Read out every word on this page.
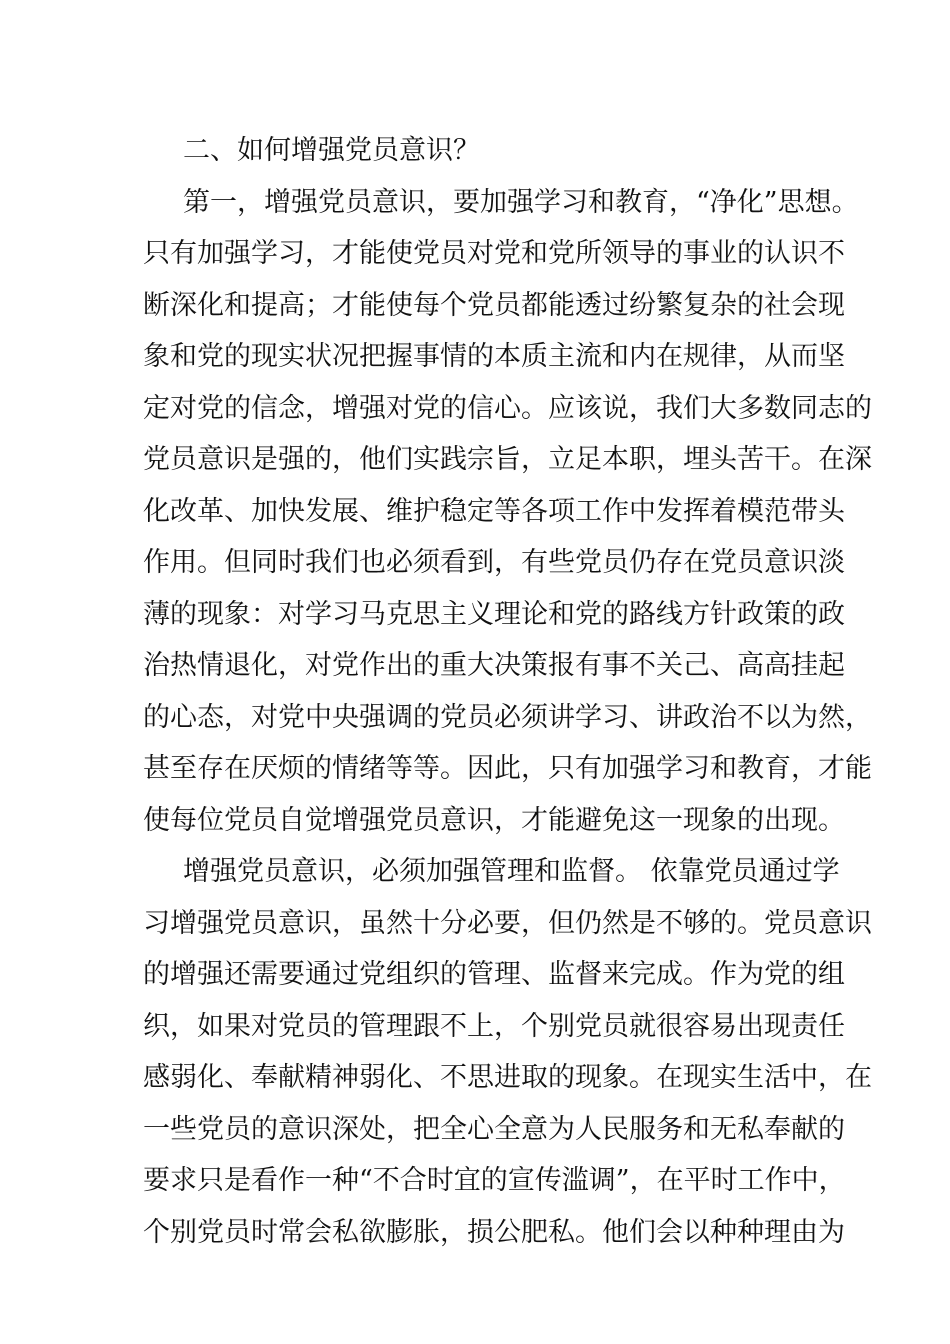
二、如何增强党员意识？
第一，增强党员意识，要加强学习和教育，“净化”思想。
只有加强学习，才能使党员对党和党所领导的事业的认识不
断深化和提高；才能使每个党员都能透过纷繁复杂的社会现
象和党的现实状况把握事情的本质主流和内在规律，从而坚
定对党的信念，增强对党的信心。应该说，我们大多数同志的
党员意识是强的，他们实践宗旨，立足本职，埋头苦干。在深
化改革、加快发展、维护稳定等各项工作中发挥着模范带头
作用。但同时我们也必须看到，有些党员仍存在党员意识淡
薄的现象：对学习马克思主义理论和党的路线方针政策的政
治热情退化，对党作出的重大决策报有事不关己、高高挂起
的心态，对党中央强调的党员必须讲学习、讲政治不以为然，
甚至存在厌烦的情绪等等。因此，只有加强学习和教育，才能
使每位党员自觉增强党员意识，才能避免这一现象的出现。
增强党员意识，必须加强管理和监督。 依靠党员通过学
习增强党员意识，虽然十分必要，但仍然是不够的。党员意识
的增强还需要通过党组织的管理、监督来完成。作为党的组
织，如果对党员的管理跟不上，个别党员就很容易出现责任
感弱化、奉献精神弱化、不思进取的现象。在现实生活中，在
一些党员的意识深处，把全心全意为人民服务和无私奉献的
要求只是看作一种“不合时宜的宣传滥调”，在平时工作中，
个别党员时常会私欲膨胀，损公肥私。他们会以种种理由为
